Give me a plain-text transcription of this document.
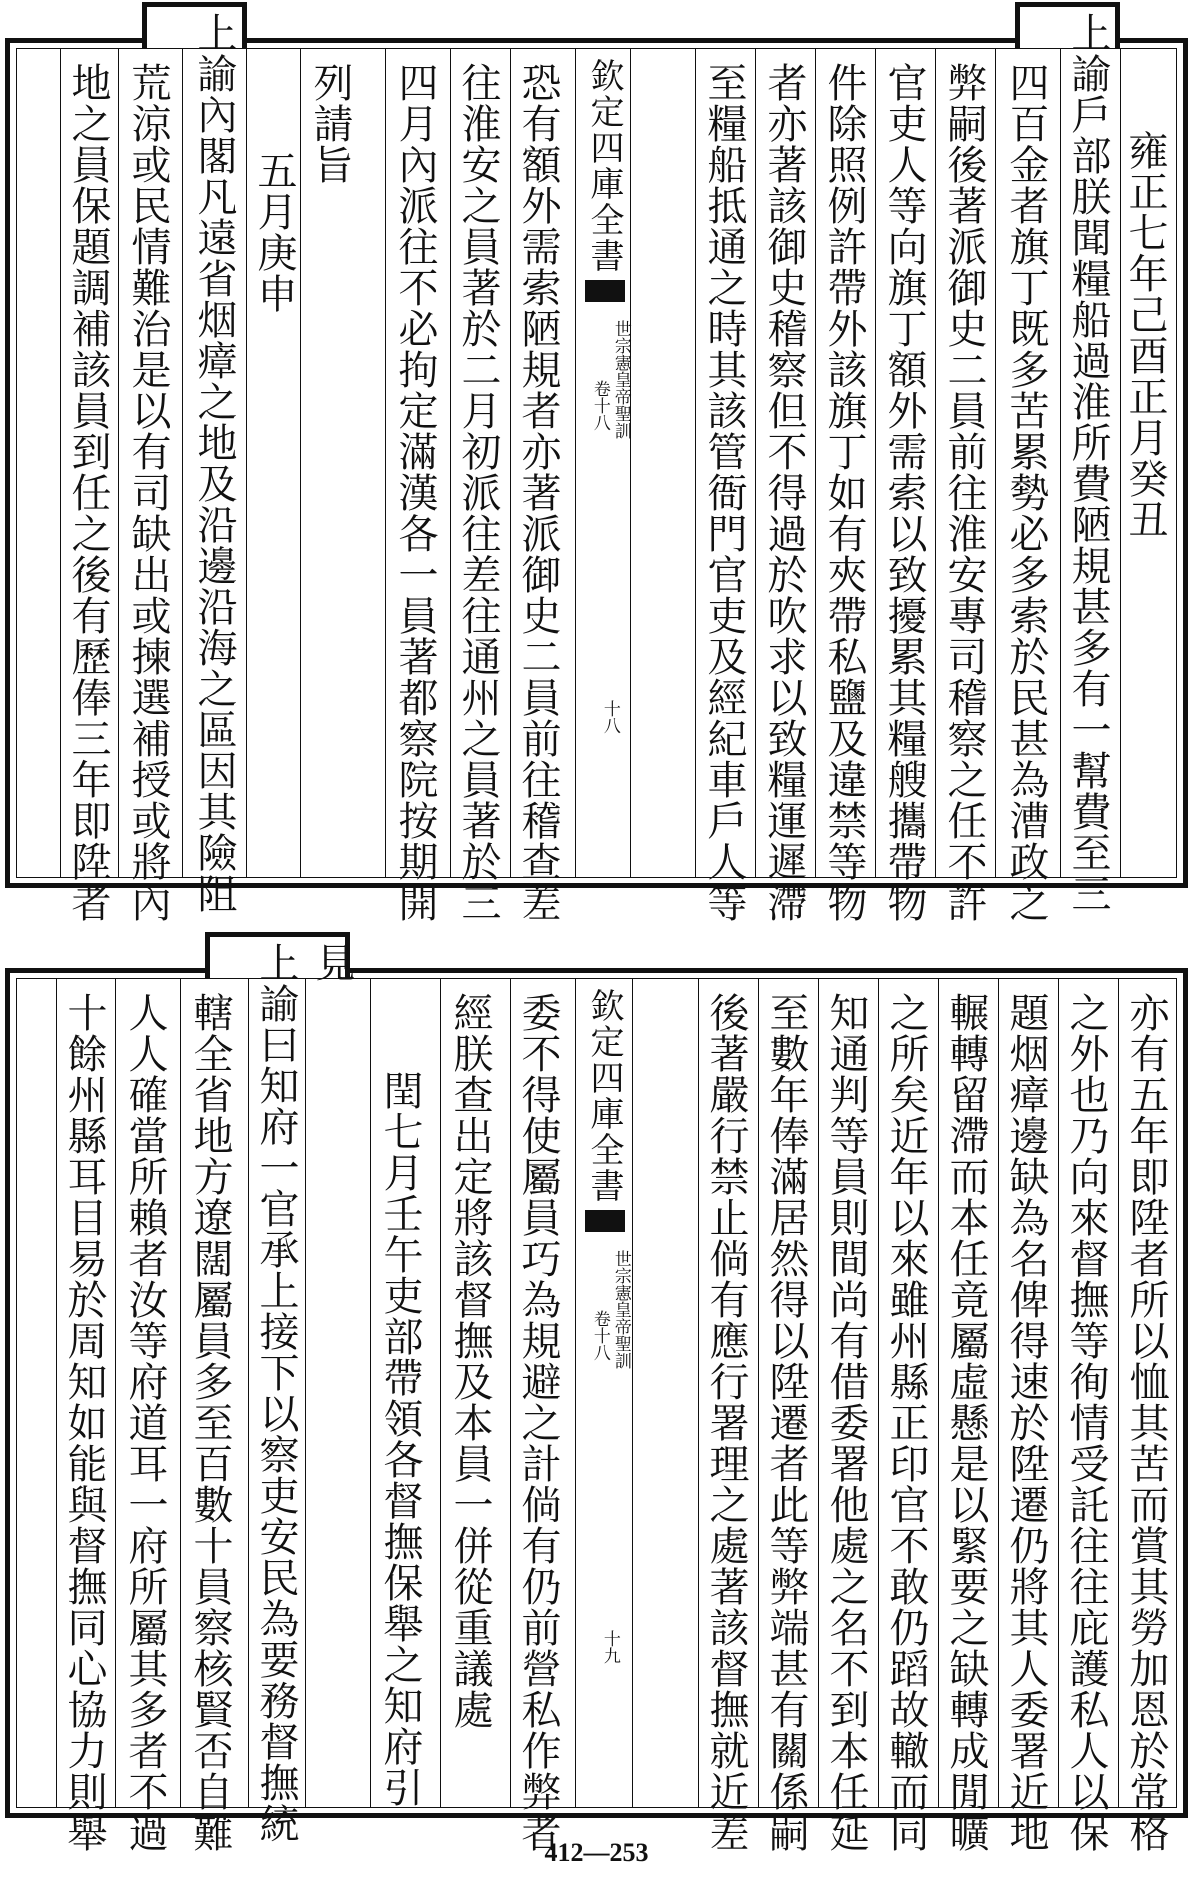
雍正七年己酉正月癸丑
上諭戶部朕聞糧船過淮所費陋規甚多有一幫費至三
四百金者旗丁既多苦累勢必多索於民甚為漕政之
弊嗣後著派御史二員前往淮安專司稽察之任不許
官吏人等向旗丁額外需索以致擾累其糧艘攜帶物
件除照例許帶外該旗丁如有夾帶私鹽及違禁等物
者亦著該御史稽察但不得過於吹求以致糧運遲滯
至糧船抵通之時其該管衙門官吏及經紀車戶人等
欽定四庫全書
世宗憲皇帝聖訓
卷十八
十八
恐有額外需索陋規者亦著派御史二員前往稽查差
往淮安之員著於二月初派往差往通州之員著於三
四月內派往不必拘定滿漢各一員著都察院按期開
列請旨
五月庚申
上諭內閣凡遠省烟瘴之地及沿邊沿海之區因其險阻
荒涼或民情難治是以有司缺出或揀選補授或將內
地之員保題調補該員到任之後有歷俸三年即陞者
亦有五年即陞者所以恤其苦而賞其勞加恩於常格
之外也乃向來督撫等徇情受託往往庇護私人以保
題烟瘴邊缺為名俾得速於陞遷仍將其人委署近地
輾轉留滯而本任竟屬虛懸是以緊要之缺轉成閒曠
之所矣近年以來雖州縣正印官不敢仍蹈故轍而同
知通判等員則間尚有借委署他處之名不到本任延
至數年俸滿居然得以陞遷者此等弊端甚有關係嗣
後著嚴行禁止倘有應行署理之處著該督撫就近差
欽定四庫全書
世宗憲皇帝聖訓
卷十八
十九
委不得使屬員巧為規避之計倘有仍前營私作弊者
經朕查出定將該督撫及本員一併從重議處
閏七月壬午吏部帶領各督撫保舉之知府引
見
上諭曰知府一官承上接下以察吏安民為要務督撫統
轄全省地方遼闊屬員多至百數十員察核賢否自難
人人確當所賴者汝等府道耳一府所屬其多者不過
十餘州縣耳目易於周知如能與督撫同心協力則舉	412—253
